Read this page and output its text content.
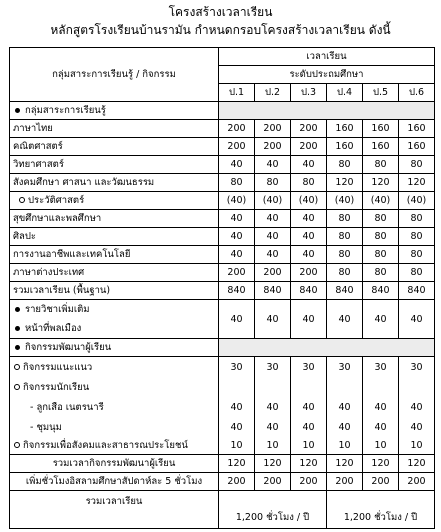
โครงสร้างเวลาเรียน
หลักสูตรโรงเรียนบ้านรามัน กำหนดกรอบโครงสร้างเวลาเรียน ดังนี้
กลุ่มสาระการเรียนรู้ / กิจกรรม	เวลาเรียน					
	ระดับประถมศึกษา					
	ป.1	ป.2	ป.3	ป.4	ป.5	ป.6
กลุ่มสาระการเรียนรู้						
ภาษาไทย	200	200	200	160	160	160
คณิตศาสตร์	200	200	200	160	160	160
วิทยาศาสตร์	40	40	40	80	80	80
สังคมศึกษา ศาสนา และวัฒนธรรม	80	80	80	120	120	120
ประวัติศาสตร์	(40)	(40)	(40)	(40)	(40)	(40)
สุขศึกษาและพลศึกษา	40	40	40	80	80	80
ศิลปะ	40	40	40	80	80	80
การงานอาชีพและเทคโนโลยี	40	40	40	80	80	80
ภาษาต่างประเทศ	200	200	200	80	80	80
รวมเวลาเรียน (พื้นฐาน)	840	840	840	840	840	840

รายวิชาเพิ่มเติม
หน้าที่พลเมือง	40	40	40	40	40	40
กิจกรรมพัฒนาผู้เรียน						
กิจกรรมแนะแนว	30	30	30	30	30	30
กิจกรรมนักเรียน						
- ลูกเสือ เนตรนารี	40	40	40	40	40	40
- ชุมนุม	40	40	40	40	40	40
กิจกรรมเพื่อสังคมและสาธารณประโยชน์	10	10	10	10	10	10
รวมเวลากิจกรรมพัฒนาผู้เรียน	120	120	120	120	120	120
เพิ่มชั่วโมงอิสลามศึกษาสัปดาห์ละ 5 ชั่วโมง	200	200	200	200	200	200
รวมเวลาเรียน	1,200 ชั่วโมง / ปี			1,200 ชั่วโมง / ปี		
